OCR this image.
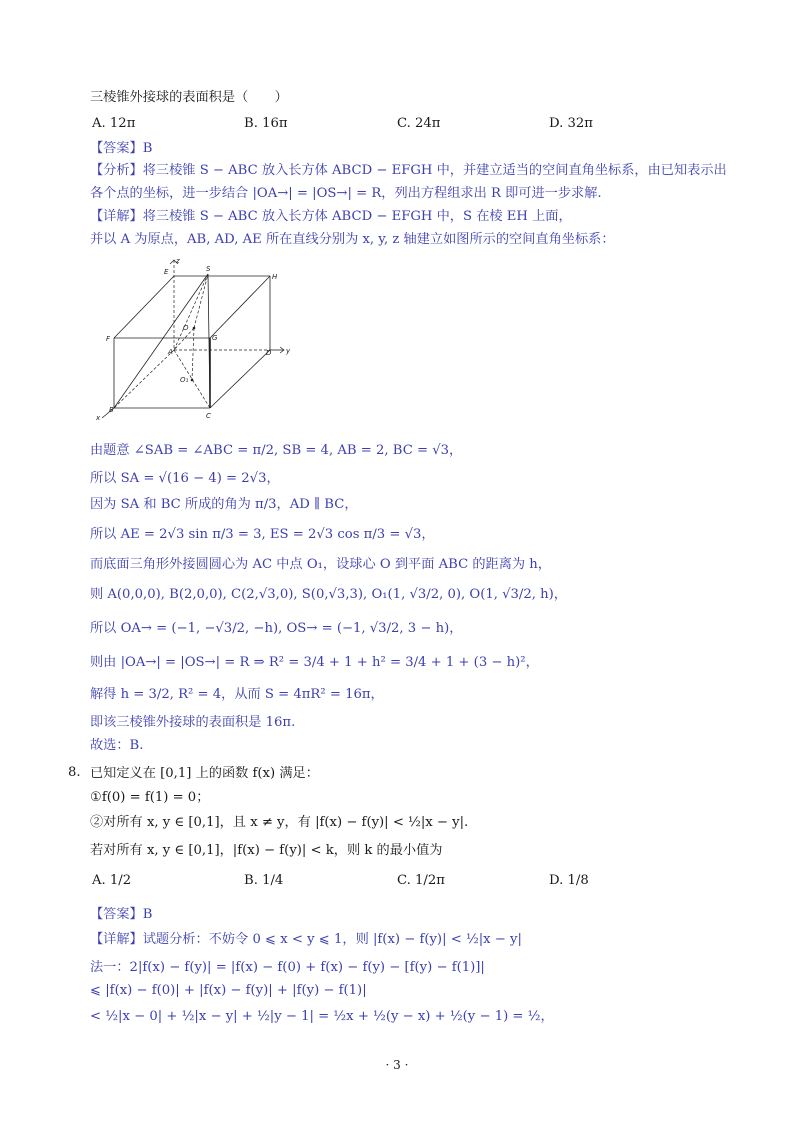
三棱锥外接球的表面积是（　　）
A. 12π	B. 16π	C. 24π	D. 32π
【答案】B
【分析】将三棱锥 S − ABC 放入长方体 ABCD − EFGH 中，并建立适当的空间直角坐标系，由已知表示出
各个点的坐标，进一步结合 |OA→| = |OS→| = R，列出方程组求出 R 即可进一步求解.
【详解】将三棱锥 S − ABC 放入长方体 ABCD − EFGH 中，S 在棱 EH 上面，
并以 A 为原点，AB, AD, AE 所在直线分别为 x, y, z 轴建立如图所示的空间直角坐标系：
z
E	S
H
F
O
G
A	D y
O₁
x
B
C
由题意 ∠SAB = ∠ABC = π/2, SB = 4, AB = 2, BC = √3，
所以 SA = √(16 − 4) = 2√3，
因为 SA 和 BC 所成的角为 π/3，AD ∥ BC，
所以 AE = 2√3 sin π/3 = 3, ES = 2√3 cos π/3 = √3，
而底面三角形外接圆圆心为 AC 中点 O₁，设球心 O 到平面 ABC 的距离为 h，
则 A(0,0,0), B(2,0,0), C(2,√3,0), S(0,√3,3), O₁(1, √3/2, 0), O(1, √3/2, h)，
所以 OA→ = (−1, −√3/2, −h), OS→ = (−1, √3/2, 3 − h)，
则由 |OA→| = |OS→| = R ⇒ R² = 3/4 + 1 + h² = 3/4 + 1 + (3 − h)²，
解得 h = 3/2, R² = 4，从而 S = 4πR² = 16π，
即该三棱锥外接球的表面积是 16π.
故选：B.
8. 已知定义在 [0,1] 上的函数 f(x) 满足：
①f(0) = f(1) = 0；
②对所有 x, y ∈ [0,1]，且 x ≠ y，有 |f(x) − f(y)| < ½|x − y|.
若对所有 x, y ∈ [0,1]，|f(x) − f(y)| < k，则 k 的最小值为
A. 1/2	B. 1/4	C. 1/2π	D. 1/8
【答案】B
【详解】试题分析：不妨令 0 ⩽ x < y ⩽ 1，则 |f(x) − f(y)| < ½|x − y|
法一：2|f(x) − f(y)| = |f(x) − f(0) + f(x) − f(y) − [f(y) − f(1)]|
⩽ |f(x) − f(0)| + |f(x) − f(y)| + |f(y) − f(1)|
< ½|x − 0| + ½|x − y| + ½|y − 1| = ½x + ½(y − x) + ½(y − 1) = ½，
· 3 ·
